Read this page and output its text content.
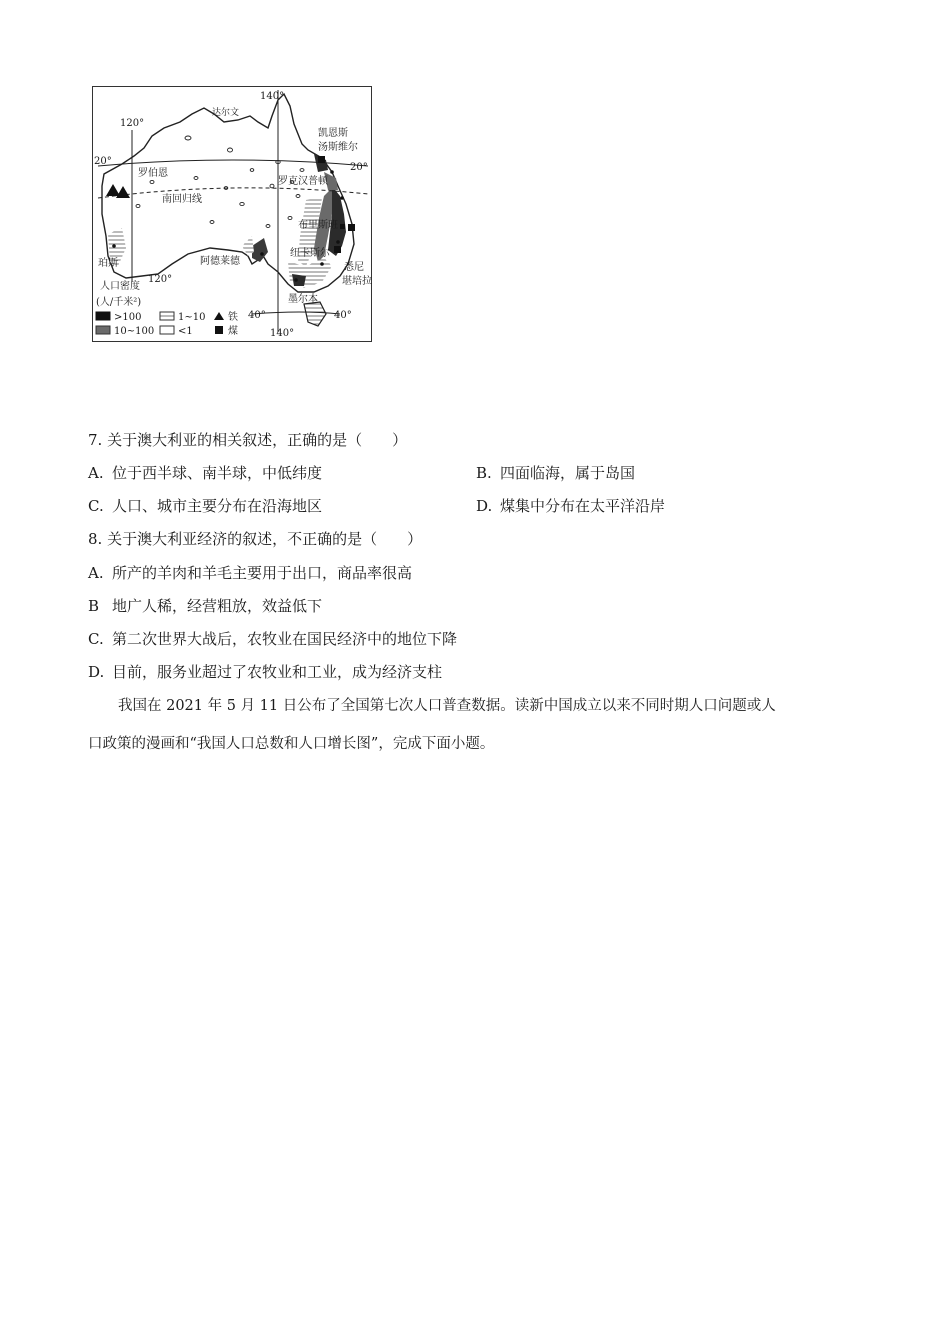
140°
120°
20°
20°
达尔文
凯恩斯
汤斯维尔
罗伯恩
罗克汉普顿
南回归线
布里斯班
珀斯
120°
阿德莱德
纽卡斯尔
悉尼
堪培拉
墨尔本
40°	40°
140°
人口密度
(人/千米²)
>100	1~10 铁
10~100 <1	煤
7. 关于澳大利亚的相关叙述，正确的是（　　）
A. 位于西半球、南半球，中低纬度	B. 四面临海，属于岛国
C. 人口、城市主要分布在沿海地区	D. 煤集中分布在太平洋沿岸
8. 关于澳大利亚经济的叙述，不正确的是（　　）
A. 所产的羊肉和羊毛主要用于出口，商品率很高
B 地广人稀，经营粗放，效益低下
C. 第二次世界大战后，农牧业在国民经济中的地位下降
D. 目前，服务业超过了农牧业和工业，成为经济支柱
我国在 2021 年 5 月 11 日公布了全国第七次人口普查数据。读新中国成立以来不同时期人口问题或人
口政策的漫画和“我国人口总数和人口增长图”，完成下面小题。
